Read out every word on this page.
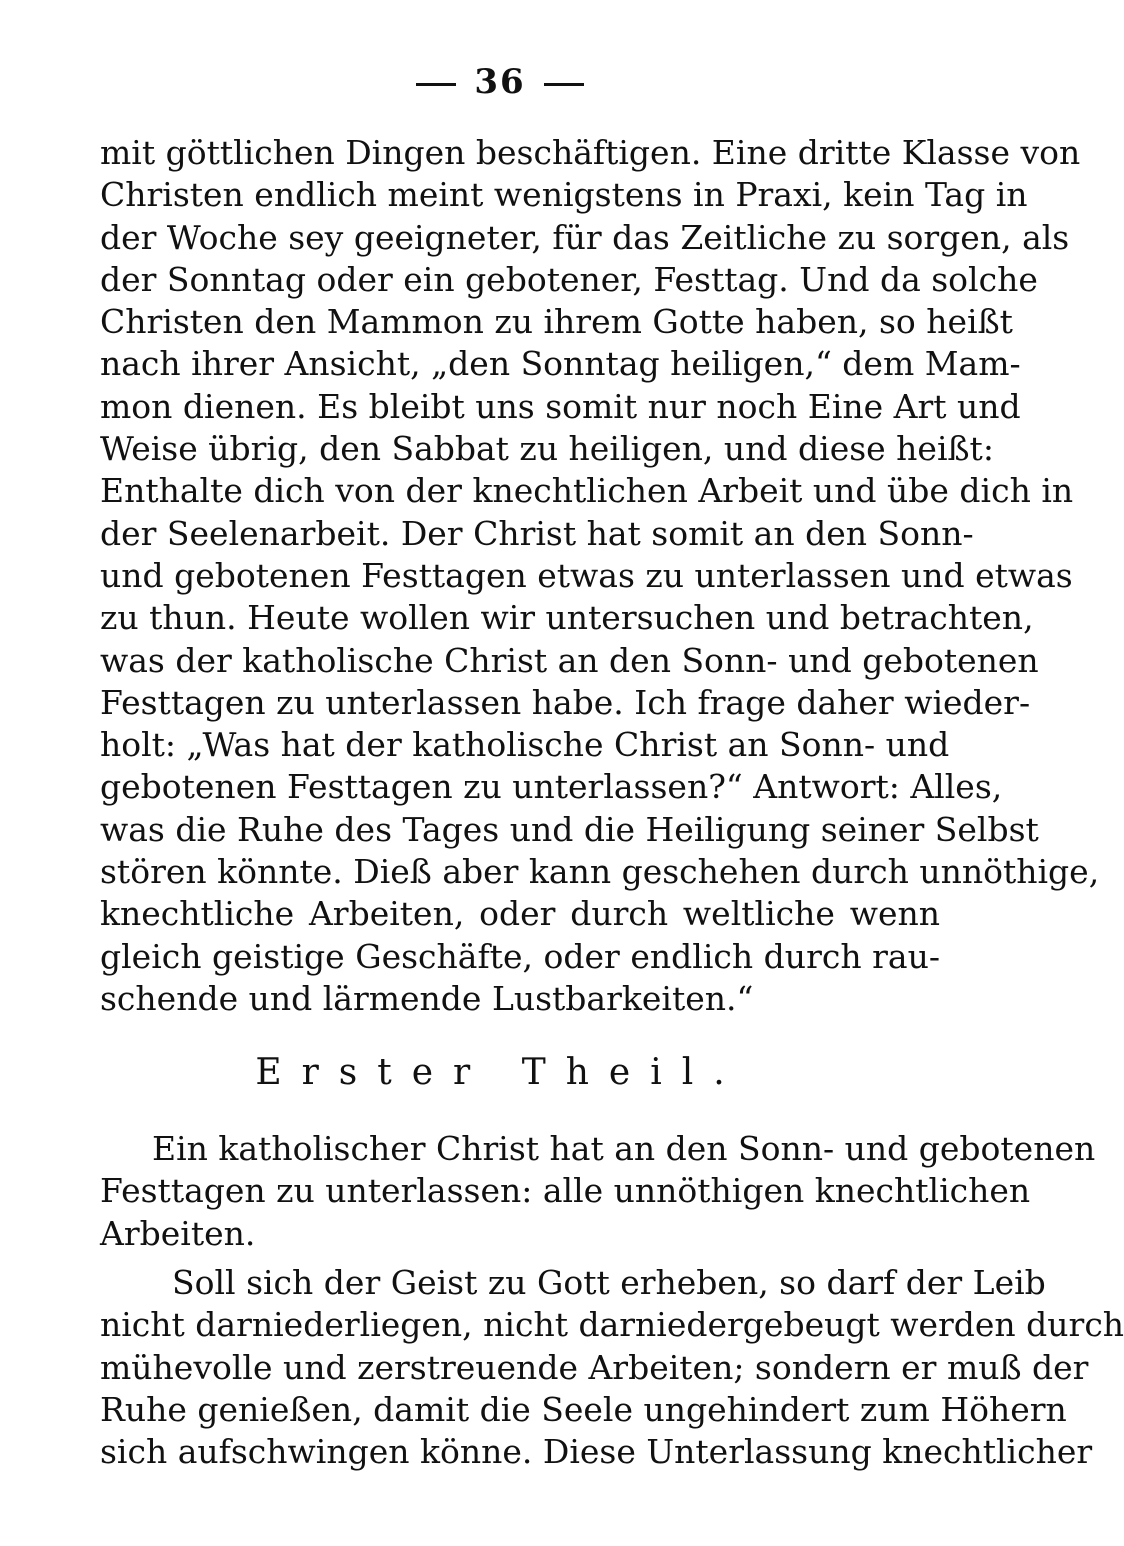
36
mit göttlichen Dingen beschäftigen. Eine dritte Klasse von
Christen endlich meint wenigstens in Praxi, kein Tag in
der Woche sey geeigneter, für das Zeitliche zu sorgen, als
der Sonntag oder ein gebotener, Festtag. Und da solche
Christen den Mammon zu ihrem Gotte haben, so heißt
nach ihrer Ansicht, „den Sonntag heiligen,“ dem Mam-
mon dienen. Es bleibt uns somit nur noch Eine Art und
Weise übrig, den Sabbat zu heiligen, und diese heißt:
Enthalte dich von der knechtlichen Arbeit und übe dich in
der Seelenarbeit. Der Christ hat somit an den Sonn-
und gebotenen Festtagen etwas zu unterlassen und etwas
zu thun. Heute wollen wir untersuchen und betrachten,
was der katholische Christ an den Sonn- und gebotenen
Festtagen zu unterlassen habe. Ich frage daher wieder-
holt: „Was hat der katholische Christ an Sonn- und
gebotenen Festtagen zu unterlassen?“ Antwort: Alles,
was die Ruhe des Tages und die Heiligung seiner Selbst
stören könnte. Dieß aber kann geschehen durch unnöthige,
knechtliche Arbeiten, oder durch weltliche wenn
gleich geistige Geschäfte, oder endlich durch rau-
schende und lärmende Lustbarkeiten.“
Erster Theil.
Ein katholischer Christ hat an den Sonn- und gebotenen
Festtagen zu unterlassen: alle unnöthigen knechtlichen
Arbeiten.
Soll sich der Geist zu Gott erheben, so darf der Leib
nicht darniederliegen, nicht darniedergebeugt werden durch
mühevolle und zerstreuende Arbeiten; sondern er muß der
Ruhe genießen, damit die Seele ungehindert zum Höhern
sich aufschwingen könne. Diese Unterlassung knechtlicher
